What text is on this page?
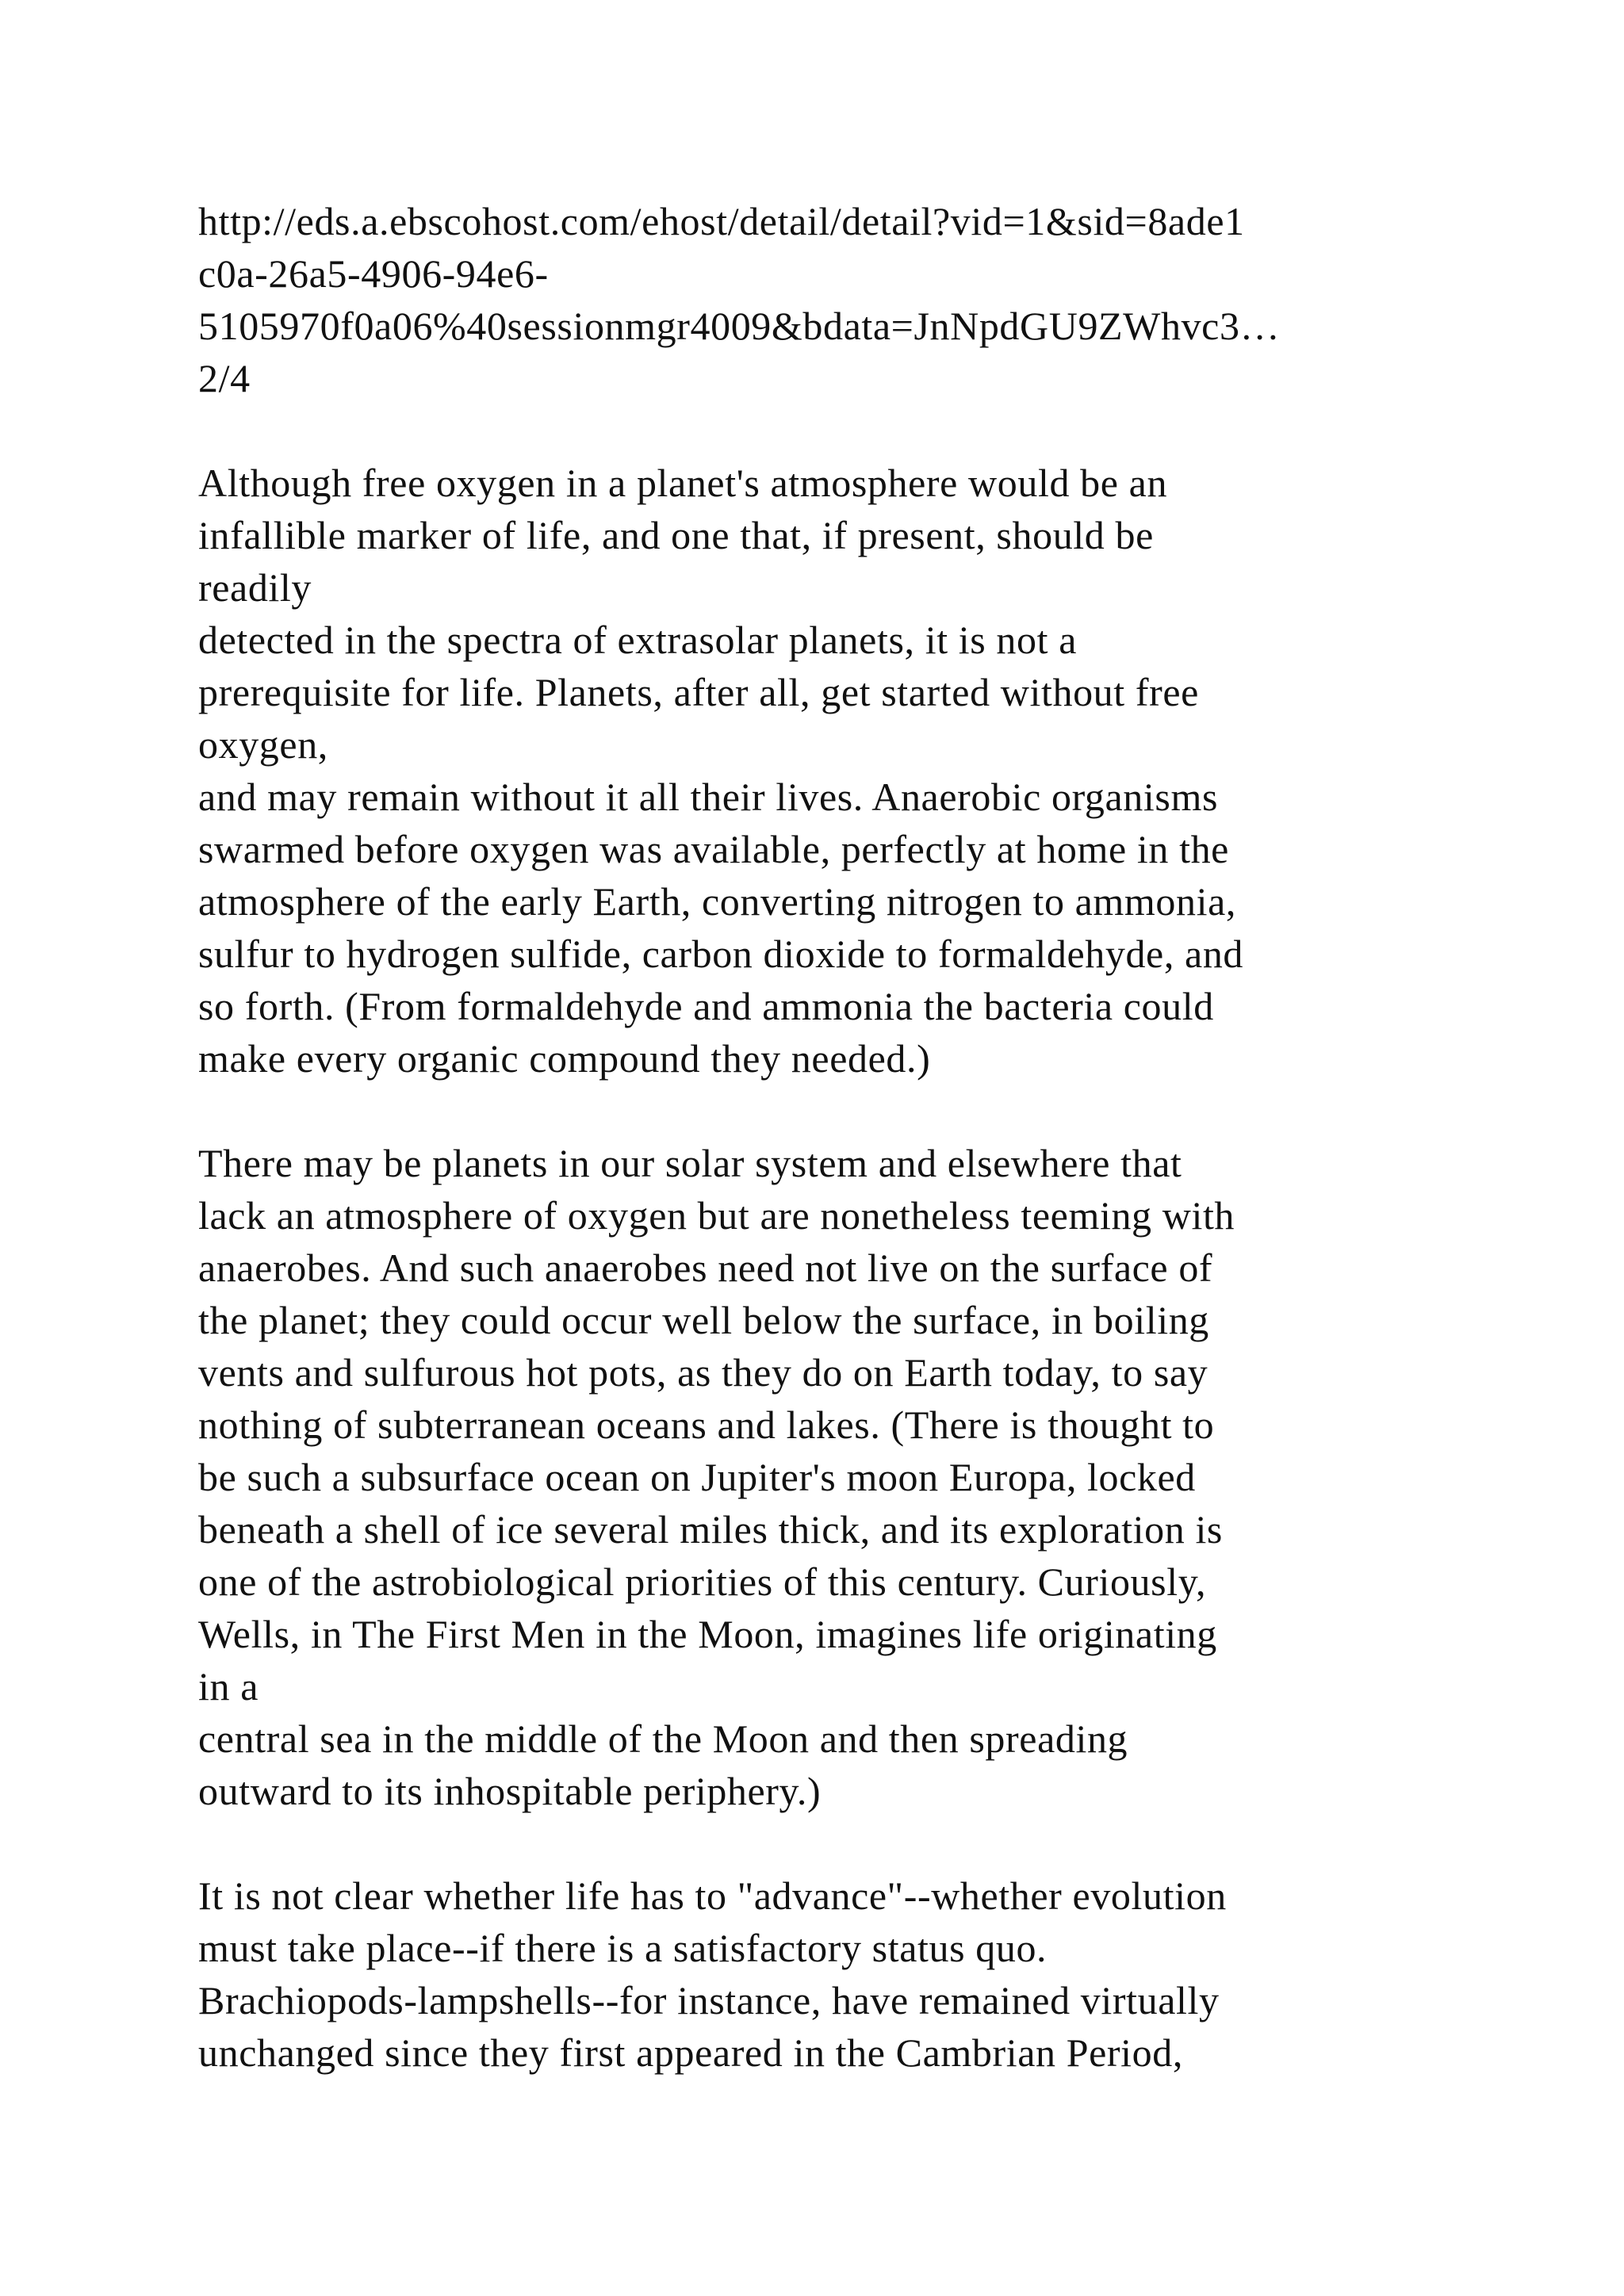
http://eds.a.ebscohost.com/ehost/detail/detail?vid=1&sid=8ade1
c0a-26a5-4906-94e6-
5105970f0a06%40sessionmgr4009&bdata=JnNpdGU9ZWhvc3…
2/4
Although free oxygen in a planet's atmosphere would be an
infallible marker of life, and one that, if present, should be
readily
detected in the spectra of extrasolar planets, it is not a
prerequisite for life. Planets, after all, get started without free
oxygen,
and may remain without it all their lives. Anaerobic organisms
swarmed before oxygen was available, perfectly at home in the
atmosphere of the early Earth, converting nitrogen to ammonia,
sulfur to hydrogen sulfide, carbon dioxide to formaldehyde, and
so forth. (From formaldehyde and ammonia the bacteria could
make every organic compound they needed.)
There may be planets in our solar system and elsewhere that
lack an atmosphere of oxygen but are nonetheless teeming with
anaerobes. And such anaerobes need not live on the surface of
the planet; they could occur well below the surface, in boiling
vents and sulfurous hot pots, as they do on Earth today, to say
nothing of subterranean oceans and lakes. (There is thought to
be such a subsurface ocean on Jupiter's moon Europa, locked
beneath a shell of ice several miles thick, and its exploration is
one of the astrobiological priorities of this century. Curiously,
Wells, in The First Men in the Moon, imagines life originating
in a
central sea in the middle of the Moon and then spreading
outward to its inhospitable periphery.)
It is not clear whether life has to "advance"--whether evolution
must take place--if there is a satisfactory status quo.
Brachiopods-lampshells--for instance, have remained virtually
unchanged since they first appeared in the Cambrian Period,
